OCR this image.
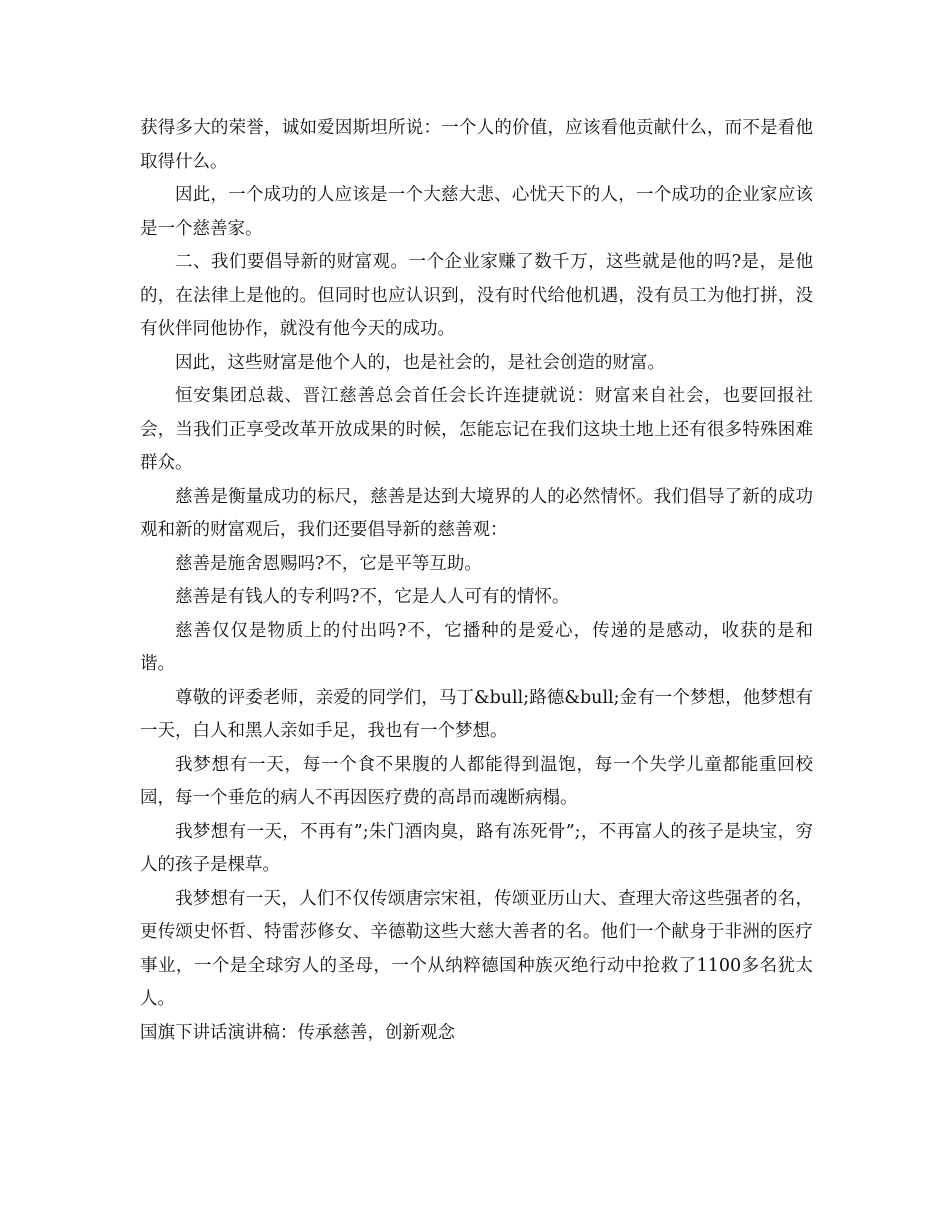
获得多大的荣誉，诚如爱因斯坦所说：一个人的价值，应该看他贡献什么，而不是看他取得什么。

因此，一个成功的人应该是一个大慈大悲、心忧天下的人，一个成功的企业家应该是一个慈善家。

二、我们要倡导新的财富观。一个企业家赚了数千万，这些就是他的吗?是，是他的，在法律上是他的。但同时也应认识到，没有时代给他机遇，没有员工为他打拼，没有伙伴同他协作，就没有他今天的成功。

因此，这些财富是他个人的，也是社会的，是社会创造的财富。

恒安集团总裁、晋江慈善总会首任会长许连捷就说：财富来自社会，也要回报社会，当我们正享受改革开放成果的时候，怎能忘记在我们这块土地上还有很多特殊困难群众。

慈善是衡量成功的标尺，慈善是达到大境界的人的必然情怀。我们倡导了新的成功观和新的财富观后，我们还要倡导新的慈善观：

慈善是施舍恩赐吗?不，它是平等互助。

慈善是有钱人的专利吗?不，它是人人可有的情怀。

慈善仅仅是物质上的付出吗?不，它播种的是爱心，传递的是感动，收获的是和谐。

尊敬的评委老师，亲爱的同学们，马丁&bull;路德&bull;金有一个梦想，他梦想有一天，白人和黑人亲如手足，我也有一个梦想。

我梦想有一天，每一个食不果腹的人都能得到温饱，每一个失学儿童都能重回校园，每一个垂危的病人不再因医疗费的高昂而魂断病榻。

我梦想有一天，不再有”;朱门酒肉臭，路有冻死骨”;，不再富人的孩子是块宝，穷人的孩子是棵草。

我梦想有一天，人们不仅传颂唐宗宋祖，传颂亚历山大、查理大帝这些强者的名，更传颂史怀哲、特雷莎修女、辛德勒这些大慈大善者的名。他们一个献身于非洲的医疗事业，一个是全球穷人的圣母，一个从纳粹德国种族灭绝行动中抢救了1100多名犹太人。

国旗下讲话演讲稿：传承慈善，创新观念
